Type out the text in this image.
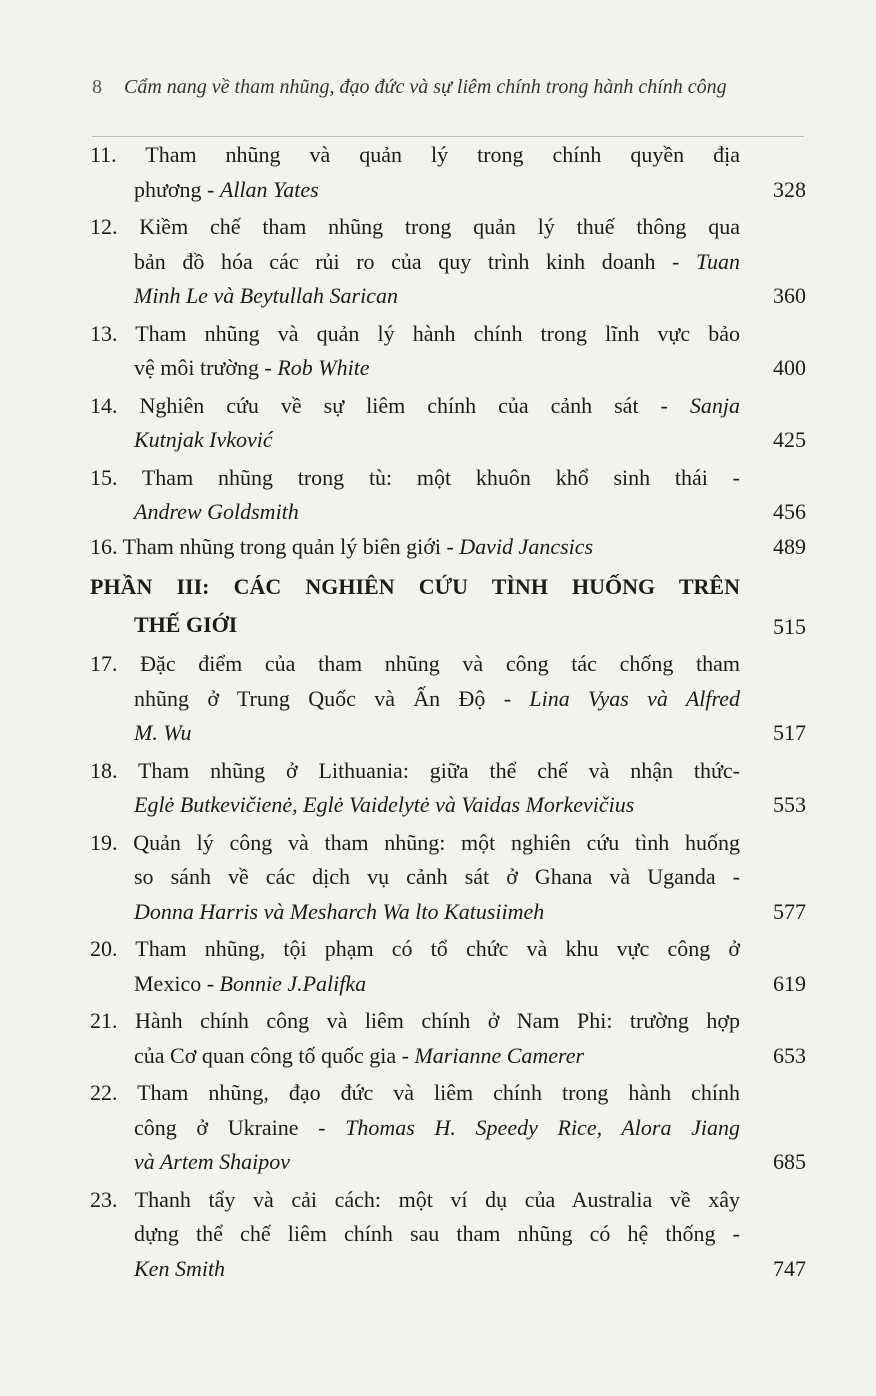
8 Cẩm nang về tham nhũng, đạo đức và sự liêm chính trong hành chính công
11. Tham nhũng và quản lý trong chính quyền địa
phương - Allan Yates	328
12. Kiềm chế tham nhũng trong quản lý thuế thông qua
bản đồ hóa các rủi ro của quy trình kinh doanh - Tuan
Minh Le và Beytullah Sarican	360
13. Tham nhũng và quản lý hành chính trong lĩnh vực bảo
vệ môi trường - Rob White	400
14. Nghiên cứu về sự liêm chính của cảnh sát - Sanja
Kutnjak Ivković	425
15. Tham nhũng trong tù: một khuôn khổ sinh thái -
Andrew Goldsmith	456
16. Tham nhũng trong quản lý biên giới - David Jancsics	489
PHẦN III: CÁC NGHIÊN CỨU TÌNH HUỐNG TRÊN
THẾ GIỚI	515
17. Đặc điểm của tham nhũng và công tác chống tham
nhũng ở Trung Quốc và Ấn Độ - Lina Vyas và Alfred
M. Wu	517
18. Tham nhũng ở Lithuania: giữa thể chế và nhận thức-
Eglė Butkevičienė, Eglė Vaidelytė và Vaidas Morkevičius	553
19. Quản lý công và tham nhũng: một nghiên cứu tình huống
so sánh về các dịch vụ cảnh sát ở Ghana và Uganda -
Donna Harris và Mesharch Wa lto Katusiimeh	577
20. Tham nhũng, tội phạm có tổ chức và khu vực công ở
Mexico - Bonnie J.Palifka	619
21. Hành chính công và liêm chính ở Nam Phi: trường hợp
của Cơ quan công tố quốc gia - Marianne Camerer	653
22. Tham nhũng, đạo đức và liêm chính trong hành chính
công ở Ukraine - Thomas H. Speedy Rice, Alora Jiang
và Artem Shaipov	685
23. Thanh tẩy và cải cách: một ví dụ của Australia về xây
dựng thể chế liêm chính sau tham nhũng có hệ thống -
Ken Smith	747
